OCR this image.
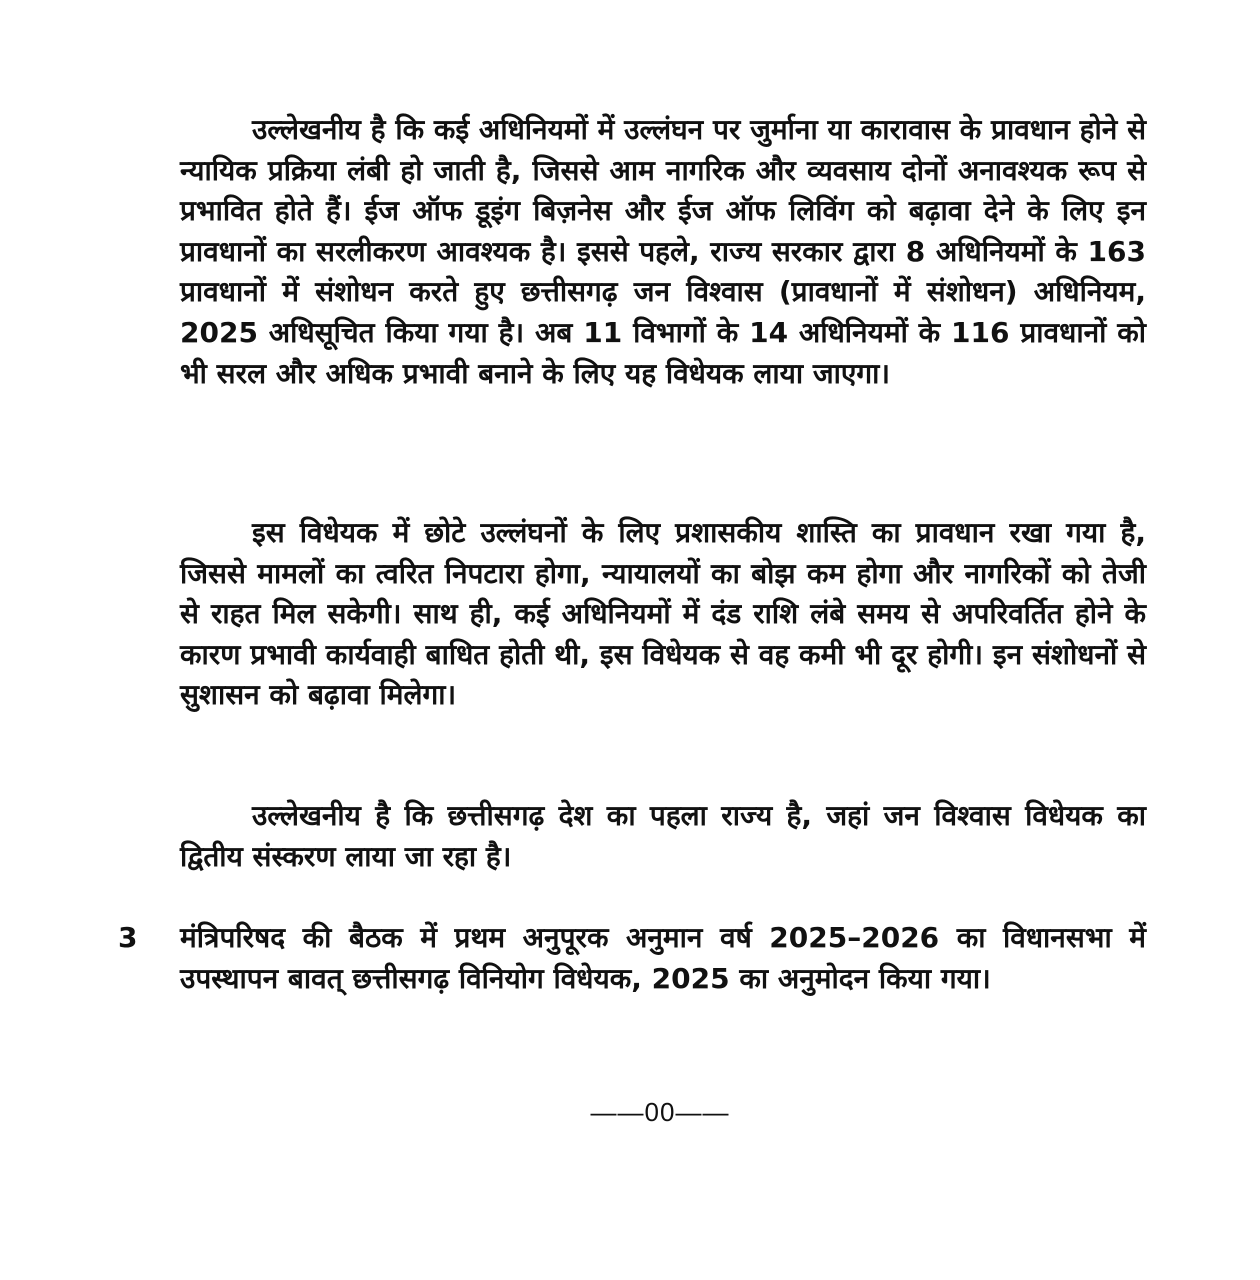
उल्लेखनीय है कि कई अधिनियमों में उल्लंघन पर जुर्माना या कारावास के प्रावधान होने से न्यायिक प्रक्रिया लंबी हो जाती है, जिससे आम नागरिक और व्यवसाय दोनों अनावश्यक रूप से प्रभावित होते हैं। ईज ऑफ डूइंग बिज़नेस और ईज ऑफ लिविंग को बढ़ावा देने के लिए इन प्रावधानों का सरलीकरण आवश्यक है। इससे पहले, राज्य सरकार द्वारा 8 अधिनियमों के 163 प्रावधानों में संशोधन करते हुए छत्तीसगढ़ जन विश्वास (प्रावधानों में संशोधन) अधिनियम, 2025 अधिसूचित किया गया है। अब 11 विभागों के 14 अधिनियमों के 116 प्रावधानों को भी सरल और अधिक प्रभावी बनाने के लिए यह विधेयक लाया जाएगा।

इस विधेयक में छोटे उल्लंघनों के लिए प्रशासकीय शास्ति का प्रावधान रखा गया है, जिससे मामलों का त्वरित निपटारा होगा, न्यायालयों का बोझ कम होगा और नागरिकों को तेजी से राहत मिल सकेगी। साथ ही, कई अधिनियमों में दंड राशि लंबे समय से अपरिवर्तित होने के कारण प्रभावी कार्यवाही बाधित होती थी, इस विधेयक से वह कमी भी दूर होगी। इन संशोधनों से सुशासन को बढ़ावा मिलेगा।

उल्लेखनीय है कि छत्तीसगढ़ देश का पहला राज्य है, जहां जन विश्वास विधेयक का द्वितीय संस्करण लाया जा रहा है।

3	मंत्रिपरिषद की बैठक में प्रथम अनुपूरक अनुमान वर्ष 2025–2026 का विधानसभा में उपस्थापन बावत् छत्तीसगढ़ विनियोग विधेयक, 2025 का अनुमोदन किया गया।

——00——
